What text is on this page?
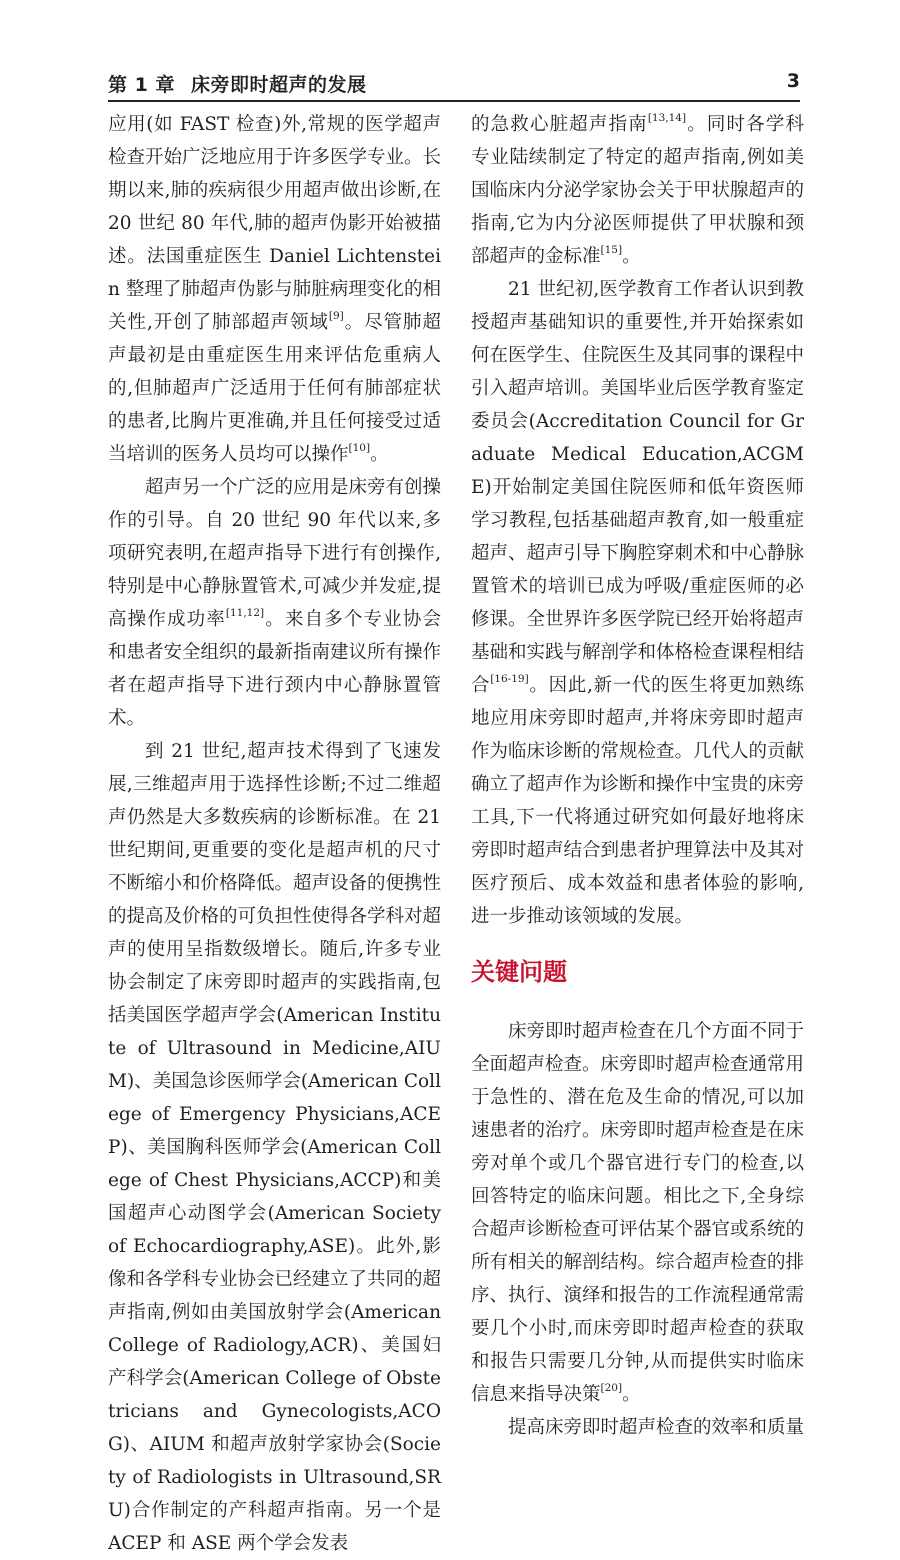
第 1 章 床旁即时超声的发展	3

应用(如 FAST 检查)外,常规的医学超声检查开始广泛地应用于许多医学专业。长期以来,肺的疾病很少用超声做出诊断,在 20 世纪 80 年代,肺的超声伪影开始被描述。法国重症医生 Daniel Lichtenstein 整理了肺超声伪影与肺脏病理变化的相关性,开创了肺部超声领域[9]。尽管肺超声最初是由重症医生用来评估危重病人的,但肺超声广泛适用于任何有肺部症状的患者,比胸片更准确,并且任何接受过适当培训的医务人员均可以操作[10]。

超声另一个广泛的应用是床旁有创操作的引导。自 20 世纪 90 年代以来,多项研究表明,在超声指导下进行有创操作,特别是中心静脉置管术,可减少并发症,提高操作成功率[11,12]。来自多个专业协会和患者安全组织的最新指南建议所有操作者在超声指导下进行颈内中心静脉置管术。

到 21 世纪,超声技术得到了飞速发展,三维超声用于选择性诊断;不过二维超声仍然是大多数疾病的诊断标准。在 21 世纪期间,更重要的变化是超声机的尺寸不断缩小和价格降低。超声设备的便携性的提高及价格的可负担性使得各学科对超声的使用呈指数级增长。随后,许多专业协会制定了床旁即时超声的实践指南,包括美国医学超声学会(American Institute of Ultrasound in Medicine,AIUM)、美国急诊医师学会(American College of Emergency Physicians,ACEP)、美国胸科医师学会(American College of Chest Physicians,ACCP)和美国超声心动图学会(American Society of Echocardiography,ASE)。此外,影像和各学科专业协会已经建立了共同的超声指南,例如由美国放射学会(American College of Radiology,ACR)、美国妇产科学会(American College of Obstetricians and Gynecologists,ACOG)、AIUM 和超声放射学家协会(Society of Radiologists in Ultrasound,SRU)合作制定的产科超声指南。另一个是 ACEP 和 ASE 两个学会发表

的急救心脏超声指南[13,14]。同时各学科专业陆续制定了特定的超声指南,例如美国临床内分泌学家协会关于甲状腺超声的指南,它为内分泌医师提供了甲状腺和颈部超声的金标准[15]。

21 世纪初,医学教育工作者认识到教授超声基础知识的重要性,并开始探索如何在医学生、住院医生及其同事的课程中引入超声培训。美国毕业后医学教育鉴定委员会(Accreditation Council for Graduate Medical Education,ACGME)开始制定美国住院医师和低年资医师学习教程,包括基础超声教育,如一般重症超声、超声引导下胸腔穿刺术和中心静脉置管术的培训已成为呼吸/重症医师的必修课。全世界许多医学院已经开始将超声基础和实践与解剖学和体格检查课程相结合[16-19]。因此,新一代的医生将更加熟练地应用床旁即时超声,并将床旁即时超声作为临床诊断的常规检查。几代人的贡献确立了超声作为诊断和操作中宝贵的床旁工具,下一代将通过研究如何最好地将床旁即时超声结合到患者护理算法中及其对医疗预后、成本效益和患者体验的影响,进一步推动该领域的发展。

关键问题

床旁即时超声检查在几个方面不同于全面超声检查。床旁即时超声检查通常用于急性的、潜在危及生命的情况,可以加速患者的治疗。床旁即时超声检查是在床旁对单个或几个器官进行专门的检查,以回答特定的临床问题。相比之下,全身综合超声诊断检查可评估某个器官或系统的所有相关的解剖结构。综合超声检查的排序、执行、演绎和报告的工作流程通常需要几个小时,而床旁即时超声检查的获取和报告只需要几分钟,从而提供实时临床信息来指导决策[20]。

提高床旁即时超声检查的效率和质量
